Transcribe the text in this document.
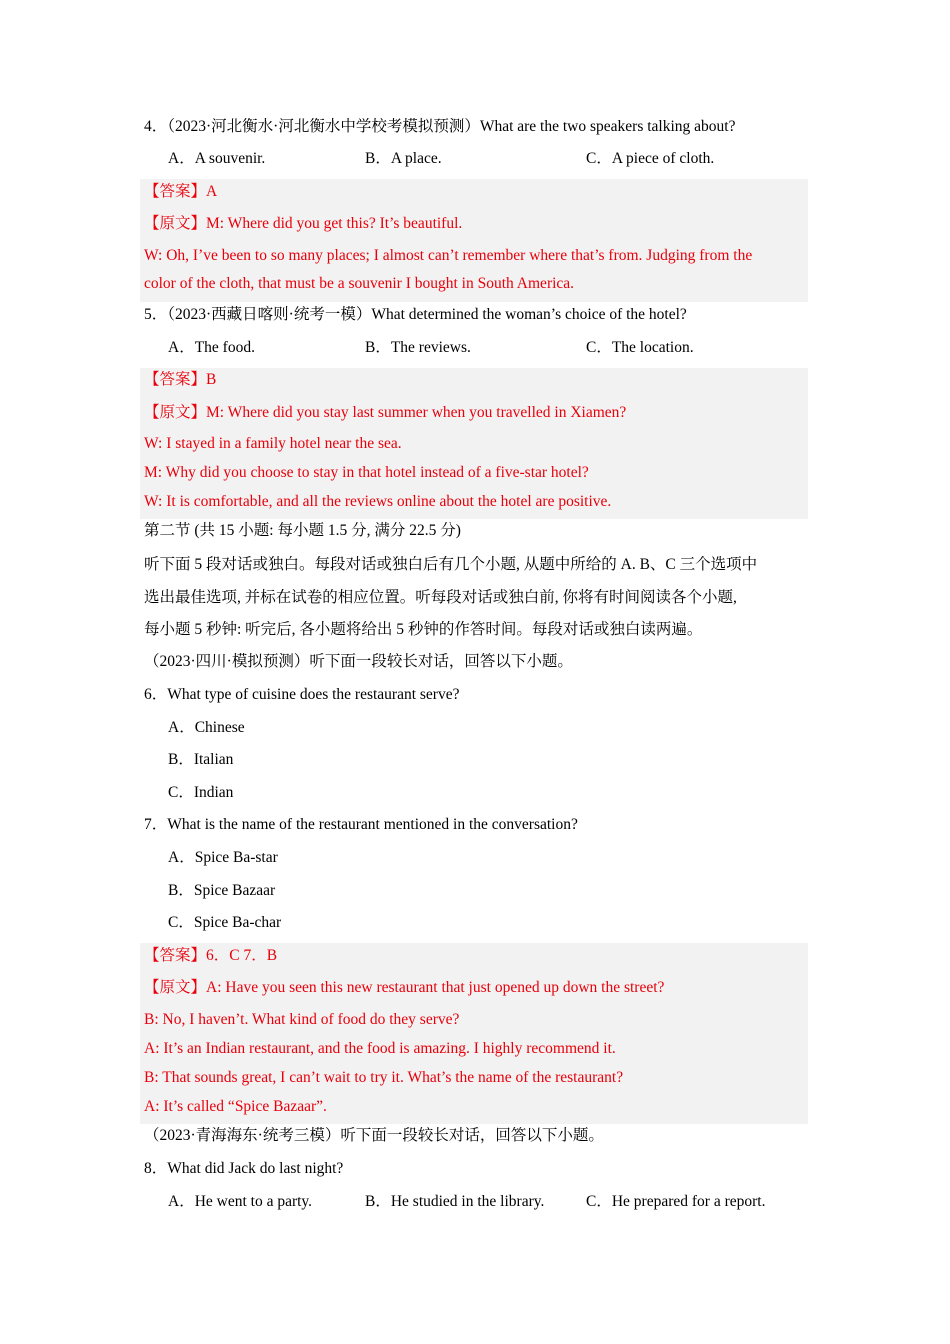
4．（2023·河北衡水·河北衡水中学校考模拟预测）What are the two speakers talking about?
A．A souvenir.	B．A place.	C．A piece of cloth.
【答案】A
【原文】M: Where did you get this? It’s beautiful.
W: Oh, I’ve been to so many places; I almost can’t remember where that’s from. Judging from the
color of the cloth, that must be a souvenir I bought in South America.
5．（2023·西藏日喀则·统考一模）What determined the woman’s choice of the hotel?
A．The food.	B．The reviews.	C．The location.
【答案】B
【原文】M: Where did you stay last summer when you travelled in Xiamen?
W: I stayed in a family hotel near the sea.
M: Why did you choose to stay in that hotel instead of a five-star hotel?
W: It is comfortable, and all the reviews online about the hotel are positive.
第二节 (共 15 小题: 每小题 1.5 分, 满分 22.5 分)
听下面 5 段对话或独白。每段对话或独白后有几个小题, 从题中所给的 A. B、C 三个选项中
选出最佳选项, 并标在试卷的相应位置。听每段对话或独白前, 你将有时间阅读各个小题,
每小题 5 秒钟: 听完后, 各小题将给出 5 秒钟的作答时间。每段对话或独白读两遍。
（2023·四川·模拟预测）听下面一段较长对话，回答以下小题。
6．What type of cuisine does the restaurant serve?
A．Chinese
B．Italian
C．Indian
7．What is the name of the restaurant mentioned in the conversation?
A．Spice Ba-star
B．Spice Bazaar
C．Spice Ba-char
【答案】6．C 7．B
【原文】A: Have you seen this new restaurant that just opened up down the street?
B: No, I haven’t. What kind of food do they serve?
A: It’s an Indian restaurant, and the food is amazing. I highly recommend it.
B: That sounds great, I can’t wait to try it. What’s the name of the restaurant?
A: It’s called “Spice Bazaar”.
（2023·青海海东·统考三模）听下面一段较长对话，回答以下小题。
8．What did Jack do last night?
A．He went to a party.	B．He studied in the library.	C．He prepared for a report.
